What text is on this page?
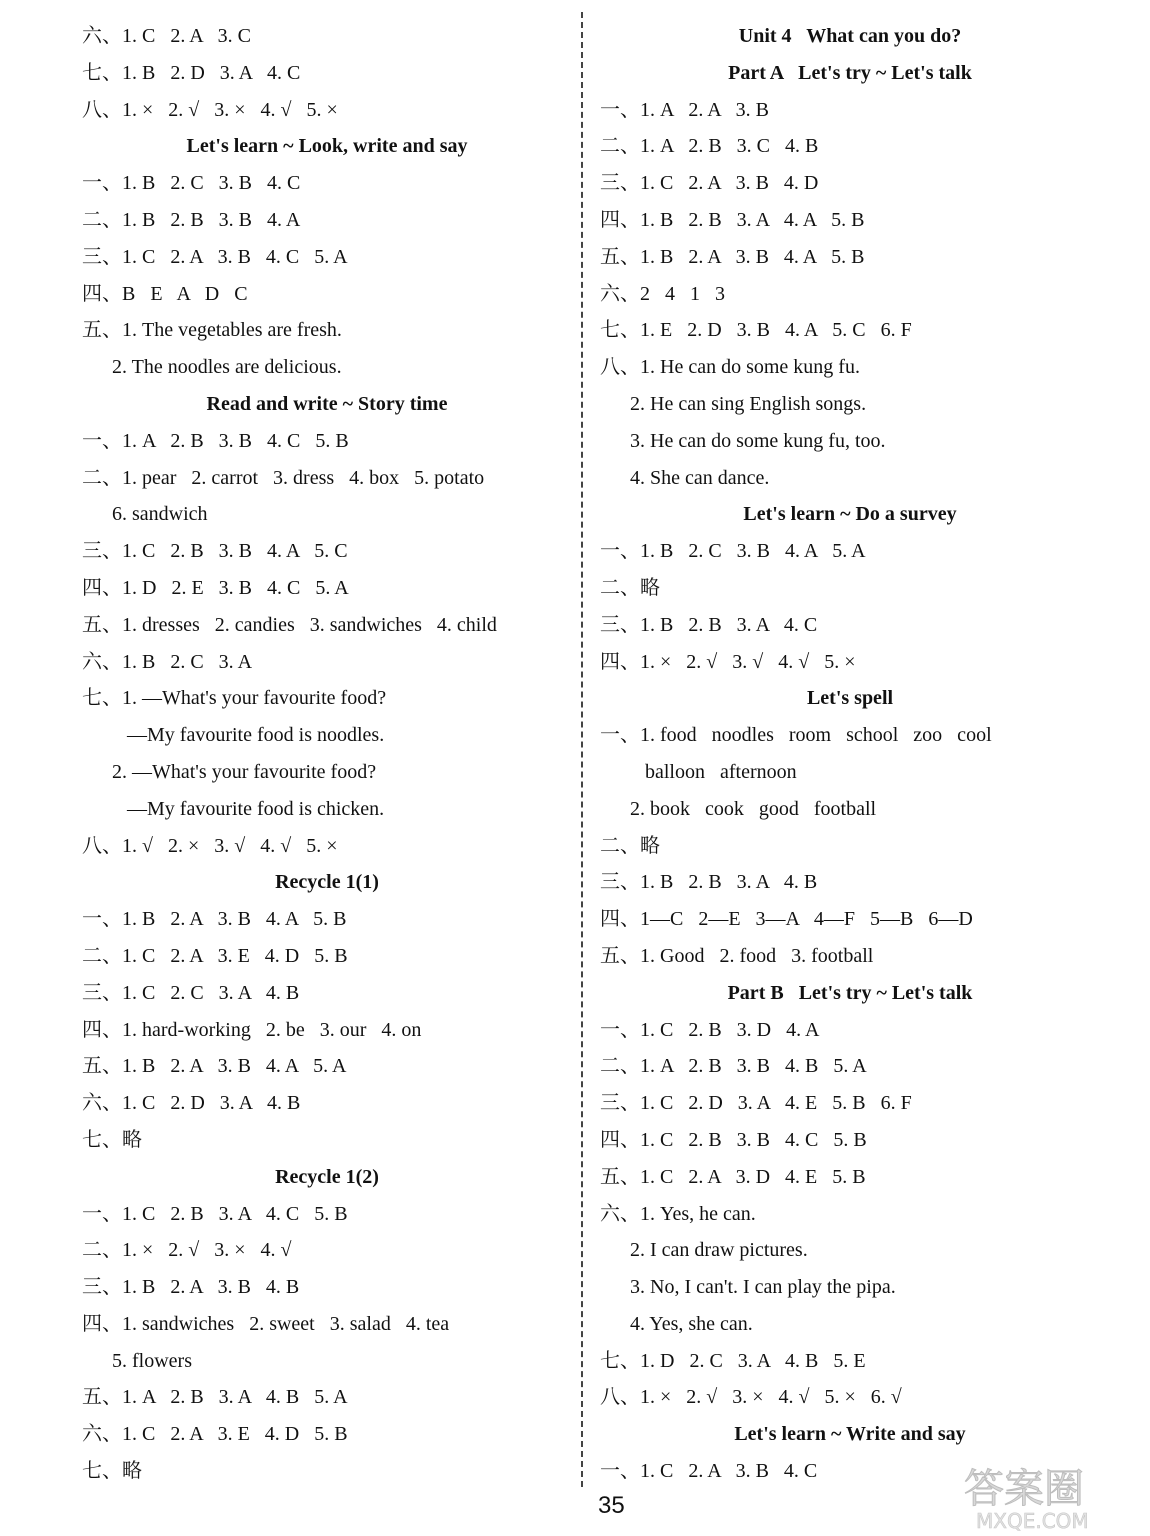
六、1. C   2. A   3. C
七、1. B   2. D   3. A   4. C
八、1. ×   2. √   3. ×   4. √   5. ×
Let's learn ~ Look, write and say
一、1. B   2. C   3. B   4. C
二、1. B   2. B   3. B   4. A
三、1. C   2. A   3. B   4. C   5. A
四、B   E   A   D   C
五、1. The vegetables are fresh.
2. The noodles are delicious.
Read and write ~ Story time
一、1. A   2. B   3. B   4. C   5. B
二、1. pear   2. carrot   3. dress   4. box   5. potato
6. sandwich
三、1. C   2. B   3. B   4. A   5. C
四、1. D   2. E   3. B   4. C   5. A
五、1. dresses   2. candies   3. sandwiches   4. child
六、1. B   2. C   3. A
七、1. —What's your favourite food?
—My favourite food is noodles.
2. —What's your favourite food?
—My favourite food is chicken.
八、1. √   2. ×   3. √   4. √   5. ×
Recycle 1(1)
一、1. B   2. A   3. B   4. A   5. B
二、1. C   2. A   3. E   4. D   5. B
三、1. C   2. C   3. A   4. B
四、1. hard-working   2. be   3. our   4. on
五、1. B   2. A   3. B   4. A   5. A
六、1. C   2. D   3. A   4. B
七、略
Recycle 1(2)
一、1. C   2. B   3. A   4. C   5. B
二、1. ×   2. √   3. ×   4. √
三、1. B   2. A   3. B   4. B
四、1. sandwiches   2. sweet   3. salad   4. tea
5. flowers
五、1. A   2. B   3. A   4. B   5. A
六、1. C   2. A   3. E   4. D   5. B
七、略
Unit 4   What can you do?
Part A   Let's try ~ Let's talk
一、1. A   2. A   3. B
二、1. A   2. B   3. C   4. B
三、1. C   2. A   3. B   4. D
四、1. B   2. B   3. A   4. A   5. B
五、1. B   2. A   3. B   4. A   5. B
六、2   4   1   3
七、1. E   2. D   3. B   4. A   5. C   6. F
八、1. He can do some kung fu.
2. He can sing English songs.
3. He can do some kung fu, too.
4. She can dance.
Let's learn ~ Do a survey
一、1. B   2. C   3. B   4. A   5. A
二、略
三、1. B   2. B   3. A   4. C
四、1. ×   2. √   3. √   4. √   5. ×
Let's spell
一、1. food   noodles   room   school   zoo   cool
balloon   afternoon
2. book   cook   good   football
二、略
三、1. B   2. B   3. A   4. B
四、1—C   2—E   3—A   4—F   5—B   6—D
五、1. Good   2. food   3. football
Part B   Let's try ~ Let's talk
一、1. C   2. B   3. D   4. A
二、1. A   2. B   3. B   4. B   5. A
三、1. C   2. D   3. A   4. E   5. B   6. F
四、1. C   2. B   3. B   4. C   5. B
五、1. C   2. A   3. D   4. E   5. B
六、1. Yes, he can.
2. I can draw pictures.
3. No, I can't. I can play the pipa.
4. Yes, she can.
七、1. D   2. C   3. A   4. B   5. E
八、1. ×   2. √   3. ×   4. √   5. ×   6. √
Let's learn ~ Write and say
一、1. C   2. A   3. B   4. C
35	答案圈
MXQE.COM
